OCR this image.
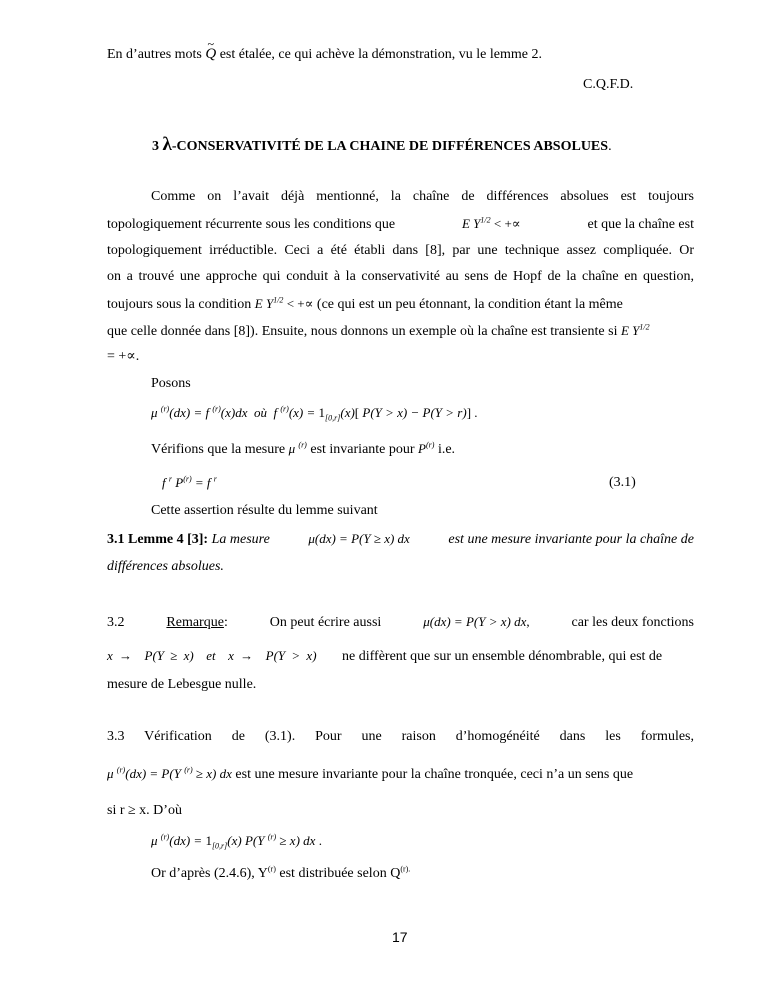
En d’autres mots ~ Q est étalée, ce qui achève la démonstration, vu le lemme 2.
C.Q.F.D.
3 λ-CONSERVATIVITÉ DE LA CHAINE DE DIFFÉRENCES ABSOLUES.
Comme on l’avait déjà mentionné, la chaîne de différences absolues est toujours
topologiquement récurrente sous les conditions que	E $Y^{1/2}$ < +∝	et que la chaîne est
topologiquement irréductible. Ceci a été établi dans [8], par une technique assez compliquée. Or
on a trouvé une approche qui conduit à la conservativité au sens de Hopf de la chaîne en question,
toujours sous la condition E $Y^{1/2}$ < +∝ (ce qui est un peu étonnant, la condition étant la même
que celle donnée dans [8]). Ensuite, nous donnons un exemple où la chaîne est transiente si E $Y^{1/2}$
= +∝.
Posons
μ $^{(r)}$(dx) = f $^{(r)}$(x)dx  où  f $^{(r)}(x) = 1_{[0,r]}(x)$[ P(Y > x) − P(Y > r)] .
Vérifions que la mesure μ $^{(r)}$ est invariante pour $P^{(r)}$ i.e.
f $^r$ $P^{(r)} = f$ $^r$	(3.1)
Cette assertion résulte du lemme suivant
3.1 Lemme 4 [3]: La mesure	μ(dx) = P(Y ≥ x) dx	est une mesure invariante pour la chaîne de
différences absolues.
3.2	Remarque:	On peut écrire aussi	μ(dx) = P(Y > x) dx,	car les deux fonctions
x →  P(Y ≥ x)  et  x →  P(Y > x) ne diffèrent que sur un ensemble dénombrable, qui est de
mesure de Lebesgue nulle.
3.3 Vérification de (3.1). Pour une raison d’homogénéité dans les formules,
μ $^{(r)}$(dx) = P(Y $^{(r)}$ ≥ x) dx est une mesure invariante pour la chaîne tronquée, ceci n’a un sens que
si r ≥ x. D’où
μ $^{(r)}(dx) = 1_{[0,r]}(x)$ P(Y $^{(r)}$ ≥ x) dx .
Or d’après (2.4.6), $Y^{(r)}$ est distribuée selon $Q^{(r).}$
17
